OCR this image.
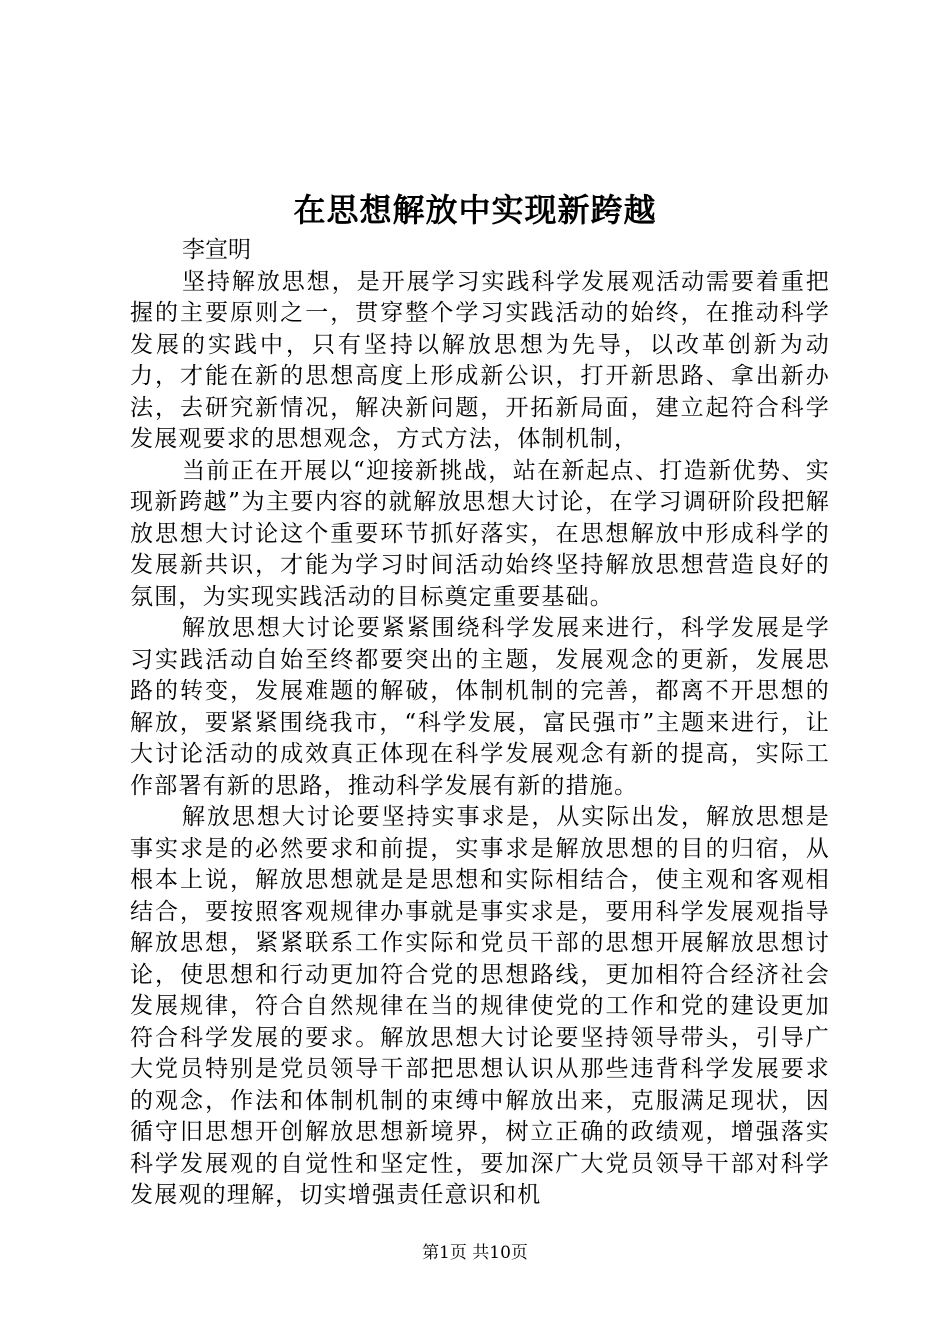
在思想解放中实现新跨越
李宣明

坚持解放思想，是开展学习实践科学发展观活动需要着重把握的主要原则之一，贯穿整个学习实践活动的始终，在推动科学发展的实践中，只有坚持以解放思想为先导，以改革创新为动力，才能在新的思想高度上形成新公识，打开新思路、拿出新办法，去研究新情况，解决新问题，开拓新局面，建立起符合科学发展观要求的思想观念，方式方法，体制机制，

当前正在开展以“迎接新挑战，站在新起点、打造新优势、实现新跨越”为主要内容的就解放思想大讨论，在学习调研阶段把解放思想大讨论这个重要环节抓好落实，在思想解放中形成科学的发展新共识，才能为学习时间活动始终坚持解放思想营造良好的氛围，为实现实践活动的目标奠定重要基础。

解放思想大讨论要紧紧围绕科学发展来进行，科学发展是学习实践活动自始至终都要突出的主题，发展观念的更新，发展思路的转变，发展难题的解破，体制机制的完善，都离不开思想的解放，要紧紧围绕我市，“科学发展，富民强市”主题来进行，让大讨论活动的成效真正体现在科学发展观念有新的提高，实际工作部署有新的思路，推动科学发展有新的措施。

解放思想大讨论要坚持实事求是，从实际出发，解放思想是事实求是的必然要求和前提，实事求是解放思想的目的归宿，从根本上说，解放思想就是是思想和实际相结合，使主观和客观相结合，要按照客观规律办事就是事实求是，要用科学发展观指导解放思想，紧紧联系工作实际和党员干部的思想开展解放思想讨论，使思想和行动更加符合党的思想路线，更加相符合经济社会发展规律，符合自然规律在当的规律使党的工作和党的建设更加符合科学发展的要求。解放思想大讨论要坚持领导带头，引导广大党员特别是党员领导干部把思想认识从那些违背科学发展要求的观念，作法和体制机制的束缚中解放出来，克服满足现状，因循守旧思想开创解放思想新境界，树立正确的政绩观，增强落实科学发展观的自觉性和坚定性，要加深广大党员领导干部对科学发展观的理解，切实增强责任意识和机

第1页 共10页
